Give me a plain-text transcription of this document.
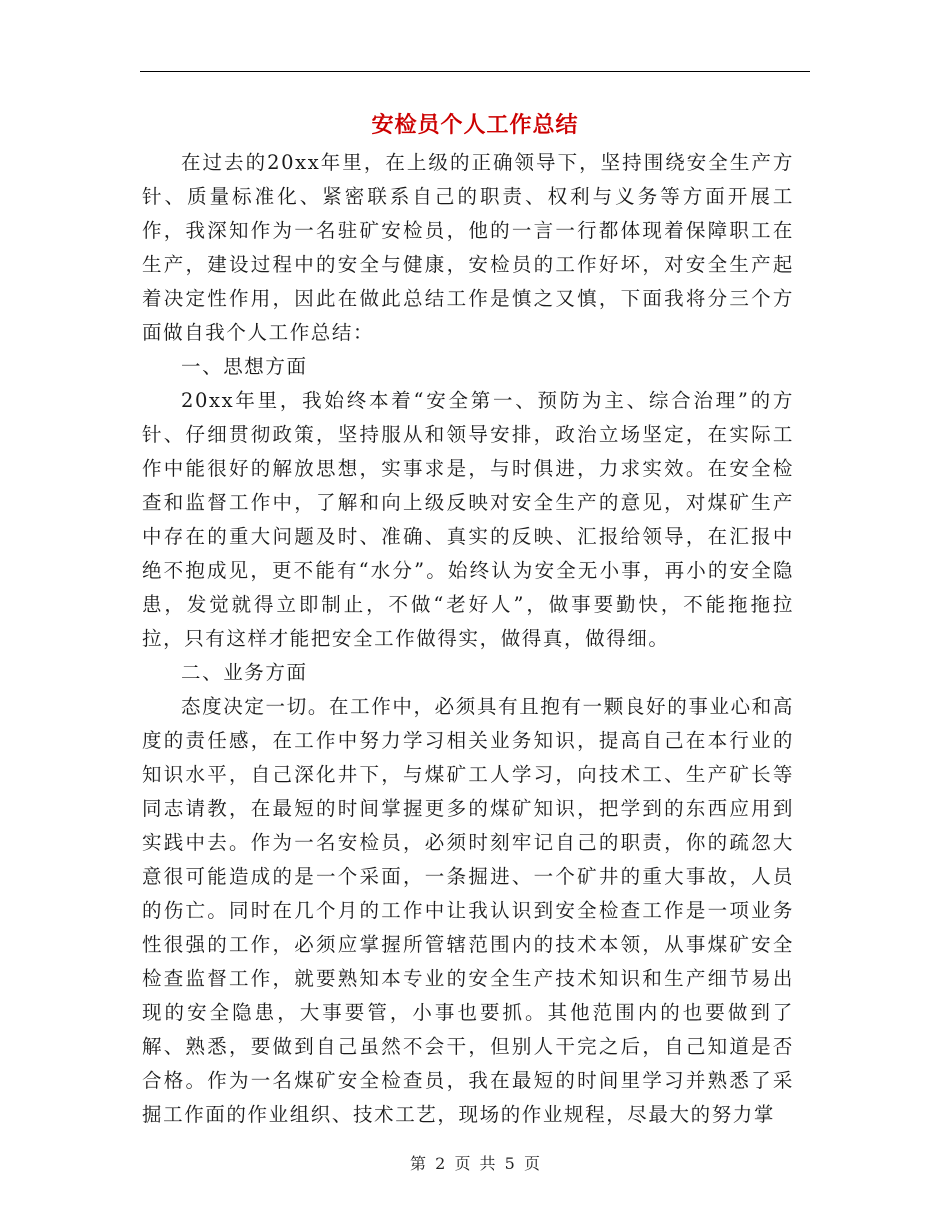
安检员个人工作总结

在过去的20xx年里，在上级的正确领导下，坚持围绕安全生产方针、质量标准化、紧密联系自己的职责、权利与义务等方面开展工作，我深知作为一名驻矿安检员，他的一言一行都体现着保障职工在生产，建设过程中的安全与健康，安检员的工作好坏，对安全生产起着决定性作用，因此在做此总结工作是慎之又慎，下面我将分三个方面做自我个人工作总结：

一、思想方面

20xx年里，我始终本着“安全第一、预防为主、综合治理”的方针、仔细贯彻政策，坚持服从和领导安排，政治立场坚定，在实际工作中能很好的解放思想，实事求是，与时俱进，力求实效。在安全检查和监督工作中，了解和向上级反映对安全生产的意见，对煤矿生产中存在的重大问题及时、准确、真实的反映、汇报给领导，在汇报中绝不抱成见，更不能有“水分”。始终认为安全无小事，再小的安全隐患，发觉就得立即制止，不做“老好人”，做事要勤快，不能拖拖拉拉，只有这样才能把安全工作做得实，做得真，做得细。

二、业务方面

态度决定一切。在工作中，必须具有且抱有一颗良好的事业心和高度的责任感，在工作中努力学习相关业务知识，提高自己在本行业的知识水平，自己深化井下，与煤矿工人学习，向技术工、生产矿长等同志请教，在最短的时间掌握更多的煤矿知识，把学到的东西应用到实践中去。作为一名安检员，必须时刻牢记自己的职责，你的疏忽大意很可能造成的是一个采面，一条掘进、一个矿井的重大事故，人员的伤亡。同时在几个月的工作中让我认识到安全检查工作是一项业务性很强的工作，必须应掌握所管辖范围内的技术本领，从事煤矿安全检查监督工作，就要熟知本专业的安全生产技术知识和生产细节易出现的安全隐患，大事要管，小事也要抓。其他范围内的也要做到了解、熟悉，要做到自己虽然不会干，但别人干完之后，自己知道是否合格。作为一名煤矿安全检查员，我在最短的时间里学习并熟悉了采掘工作面的作业组织、技术工艺，现场的作业规程，尽最大的努力掌

第 2 页 共 5 页
